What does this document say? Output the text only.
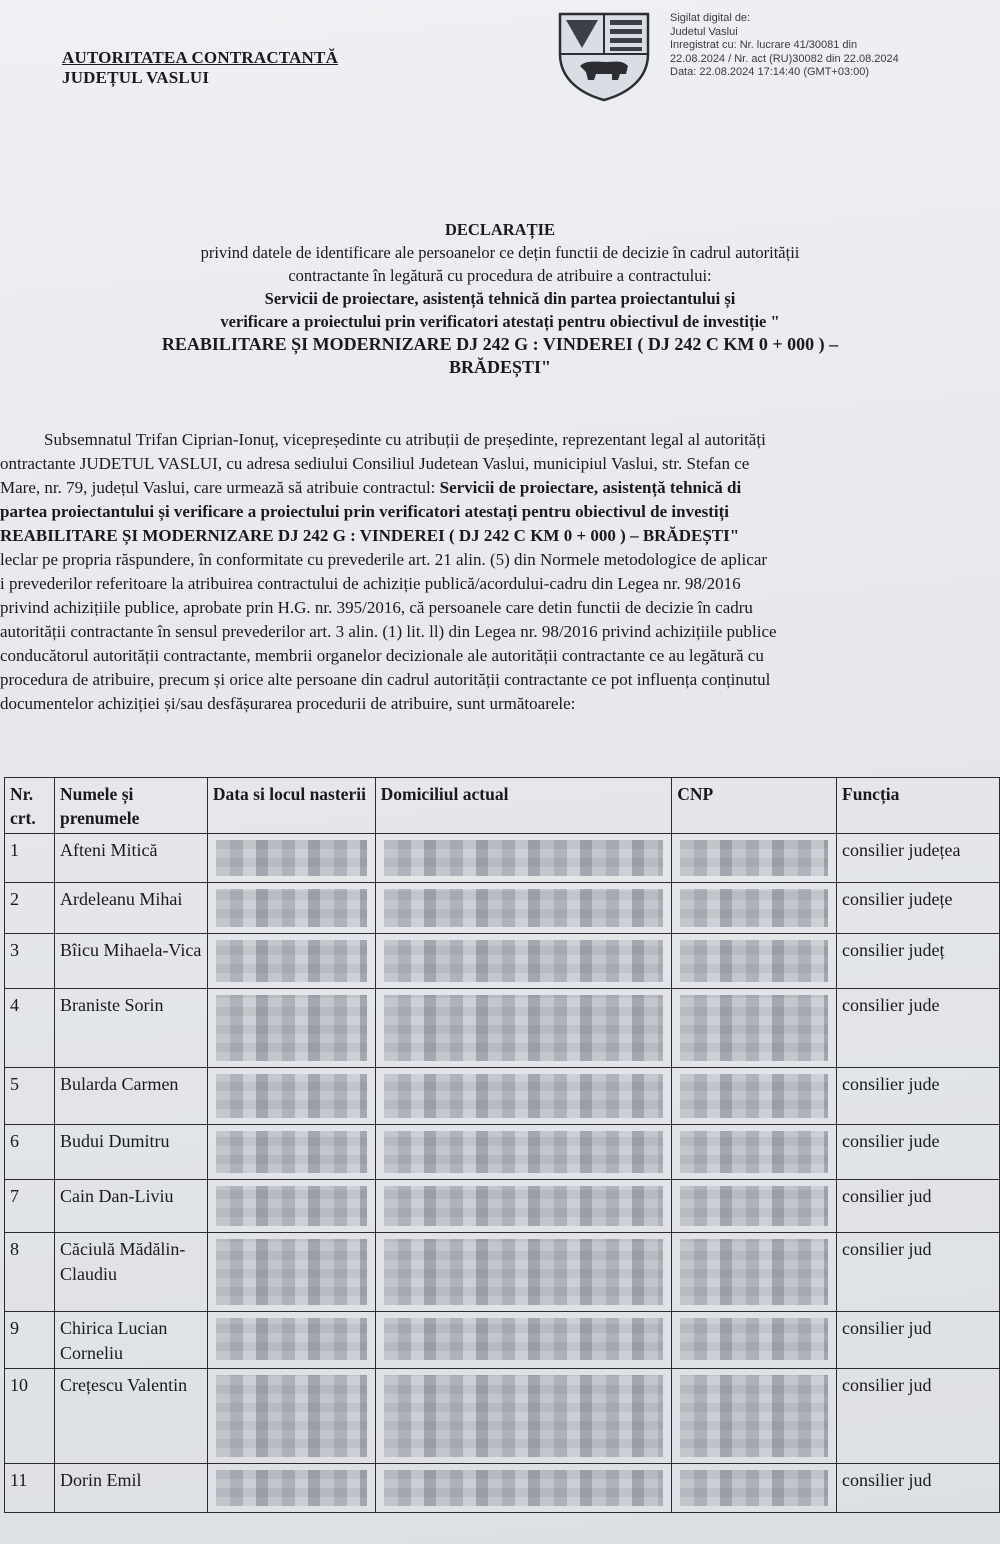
AUTORITATEA CONTRACTANTĂ
JUDEȚUL VASLUI
Sigilat digital de:
Judetul Vaslui
Inregistrat cu: Nr. lucrare 41/30081 din
22.08.2024 / Nr. act (RU)30082 din 22.08.2024
Data: 22.08.2024 17:14:40 (GMT+03:00)
DECLARAȚIE
privind datele de identificare ale persoanelor ce dețin functii de decizie în cadrul autorității
contractante în legătură cu procedura de atribuire a contractului:
Servicii de proiectare, asistență tehnică din partea proiectantului și
verificare a proiectului prin verificatori atestați pentru obiectivul de investiție "
REABILITARE ȘI MODERNIZARE DJ 242 G : VINDEREI ( DJ 242 C KM 0 + 000 ) –
BRĂDEȘTI"
Subsemnatul Trifan Ciprian-Ionuț, vicepreședinte cu atribuții de președinte, reprezentant legal al autorități
ontractante JUDETUL VASLUI, cu adresa sediului Consiliul Judetean Vaslui, municipiul Vaslui, str. Stefan ce
Mare, nr. 79, județul Vaslui, care urmează să atribuie contractul: Servicii de proiectare, asistență tehnică di
partea proiectantului și verificare a proiectului prin verificatori atestați pentru obiectivul de investiți
REABILITARE ȘI MODERNIZARE DJ 242 G : VINDEREI ( DJ 242 C KM 0 + 000 ) – BRĂDEȘTI"
leclar pe propria răspundere, în conformitate cu prevederile art. 21 alin. (5) din Normele metodologice de aplicar
i prevederilor referitoare la atribuirea contractului de achiziție publică/acordului-cadru din Legea nr. 98/2016
privind achizițiile publice, aprobate prin H.G. nr. 395/2016, că persoanele care detin functii de decizie în cadru
autorității contractante în sensul prevederilor art. 3 alin. (1) lit. ll) din Legea nr. 98/2016 privind achizițiile publice
conducătorul autorității contractante, membrii organelor decizionale ale autorității contractante ce au legătură cu
procedura de atribuire, precum și orice alte persoane din cadrul autorității contractante ce pot influența conținutul
documentelor achiziției și/sau desfășurarea procedurii de atribuire, sunt următoarele:
Nr. crt.	Numele și prenumele	Data si locul nasterii	Domiciliul actual	CNP	Funcția
1	Afteni Mitică				consilier județea
2	Ardeleanu Mihai				consilier județe
3	Bîicu Mihaela-Vica				consilier județ
4	Braniste Sorin				consilier jude
5	Bularda Carmen				consilier jude
6	Budui Dumitru				consilier jude
7	Cain Dan-Liviu				consilier jud
8	Căciulă Mădălin-Claudiu				consilier jud
9	Chirica Lucian Corneliu				consilier jud
10	Crețescu Valentin				consilier jud
11	Dorin Emil				consilier jud
